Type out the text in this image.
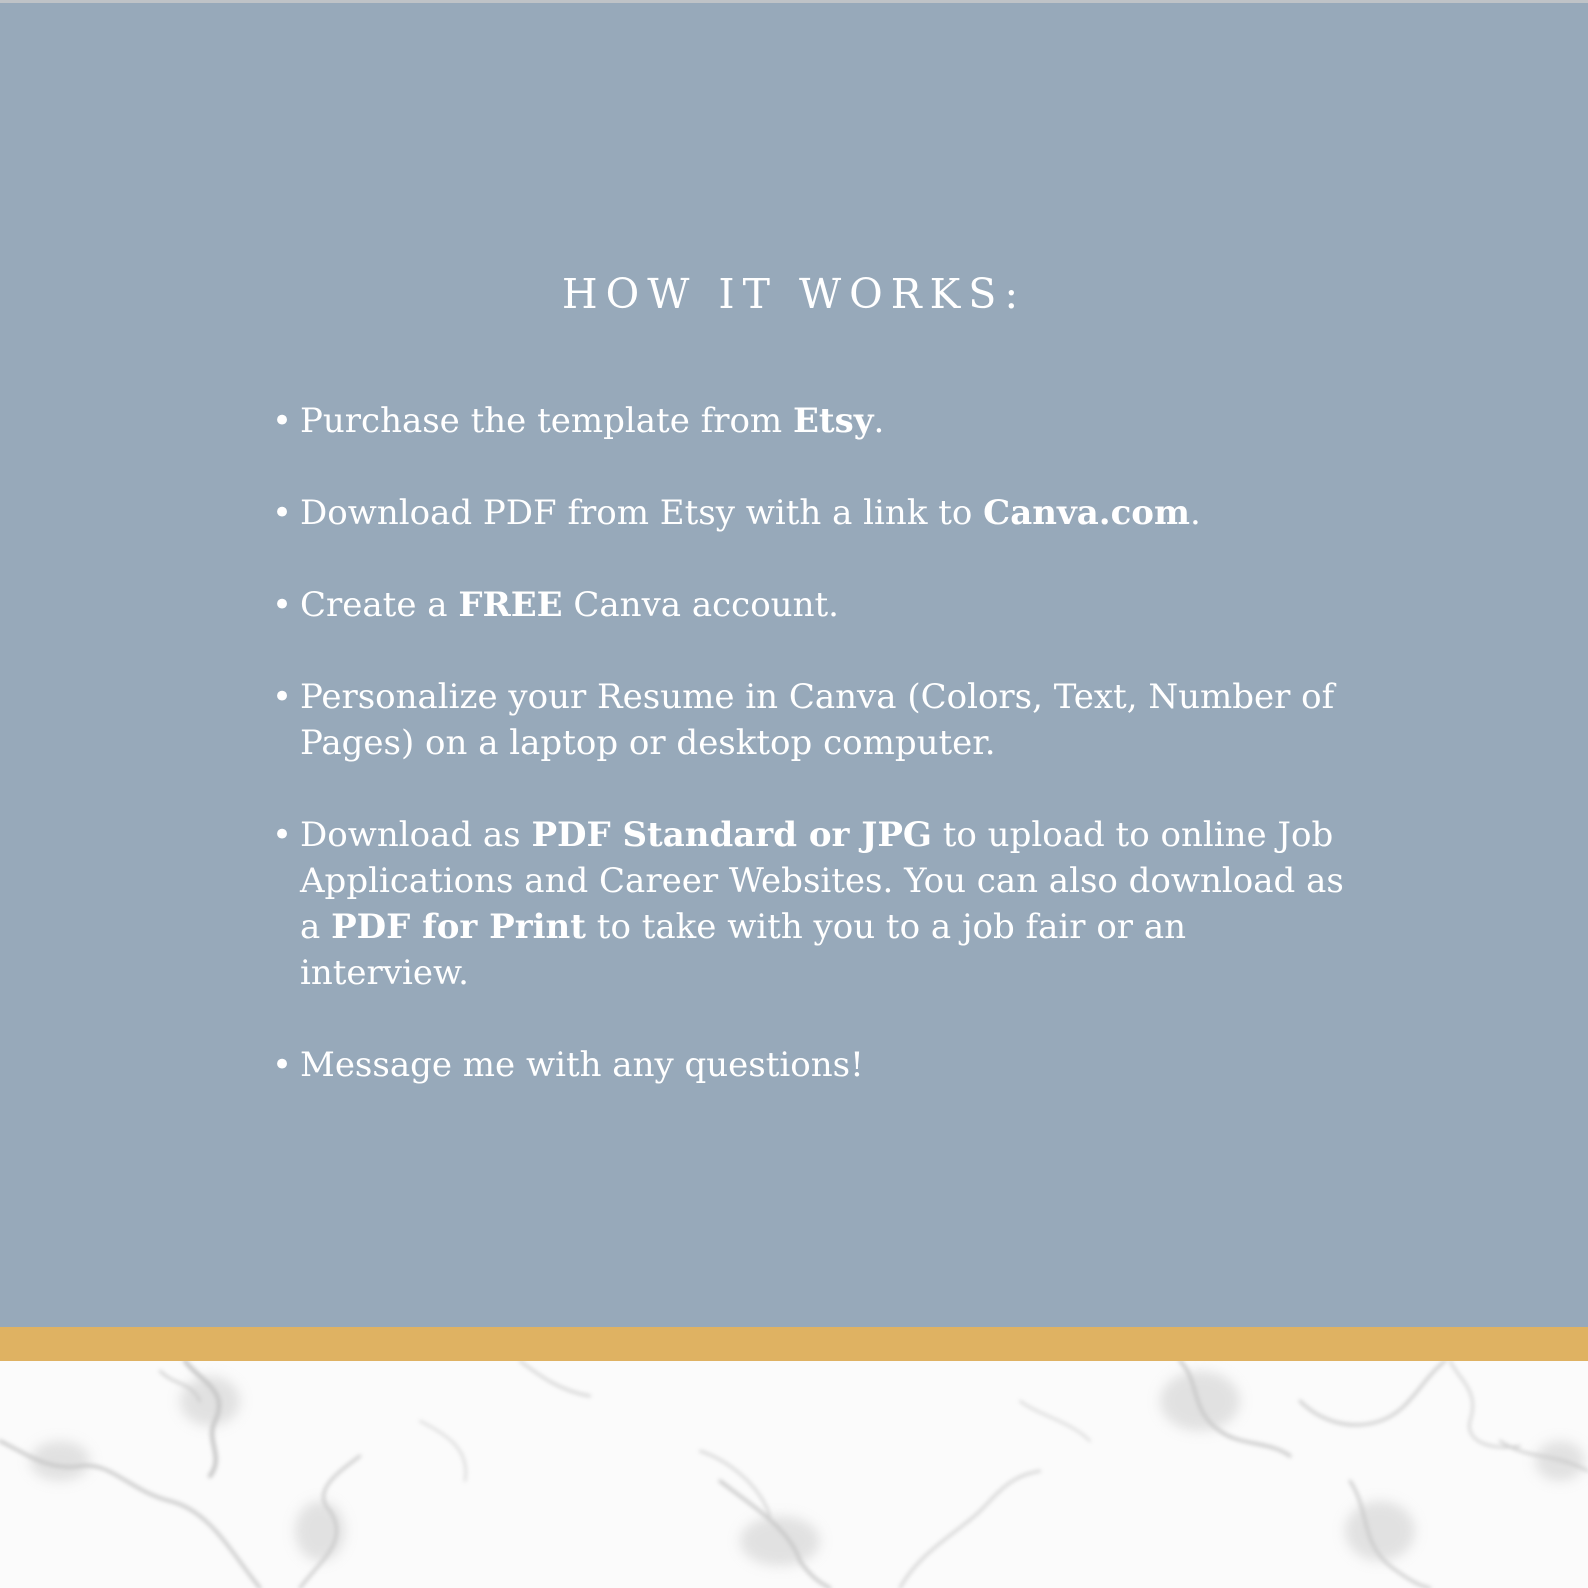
HOW IT WORKS:
• Purchase the template from Etsy.
• Download PDF from Etsy with a link to Canva.com.
• Create a FREE Canva account.
• Personalize your Resume in Canva (Colors, Text, Number of Pages) on a laptop or desktop computer.
• Download as PDF Standard or JPG to upload to online Job Applications and Career Websites. You can also download as a PDF for Print to take with you to a job fair or an interview.
• Message me with any questions!
